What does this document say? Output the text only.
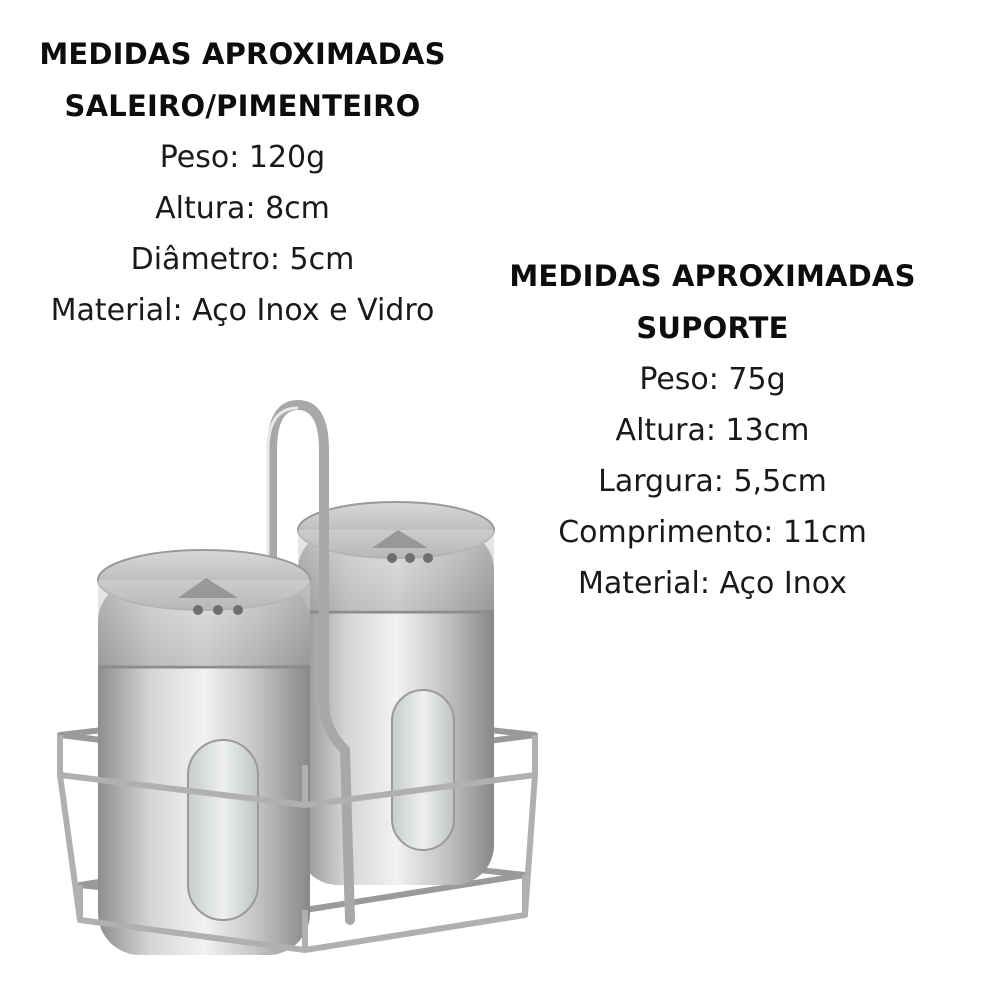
MEDIDAS APROXIMADAS

SALEIRO/PIMENTEIRO

Peso: 120g

Altura: 8cm

Diâmetro: 5cm

Material: Aço Inox e Vidro

MEDIDAS APROXIMADAS

SUPORTE

Peso: 75g

Altura: 13cm

Largura: 5,5cm

Comprimento: 11cm

Material: Aço Inox
